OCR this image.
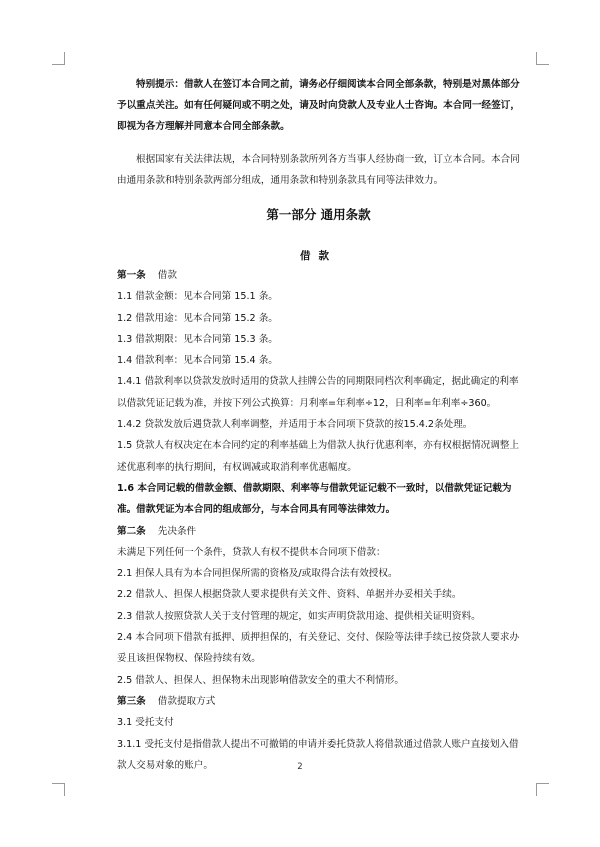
特别提示：借款人在签订本合同之前，请务必仔细阅读本合同全部条款，特别是对黑体部分予以重点关注。如有任何疑问或不明之处，请及时向贷款人及专业人士咨询。本合同一经签订，即视为各方理解并同意本合同全部条款。

根据国家有关法律法规，本合同特别条款所列各方当事人经协商一致，订立本合同。本合同由通用条款和特别条款两部分组成，通用条款和特别条款具有同等法律效力。

第一部分 通用条款
借款

第一条 借款

1.1 借款金额：见本合同第 15.1 条。

1.2 借款用途：见本合同第 15.2 条。

1.3 借款期限：见本合同第 15.3 条。

1.4 借款利率：见本合同第 15.4 条。

1.4.1 借款利率以贷款发放时适用的贷款人挂牌公告的同期限同档次利率确定，据此确定的利率以借款凭证记载为准，并按下列公式换算：月利率=年利率÷12，日利率=年利率÷360。

1.4.2 贷款发放后遇贷款人利率调整，并适用于本合同项下贷款的按15.4.2条处理。

1.5 贷款人有权决定在本合同约定的利率基础上为借款人执行优惠利率，亦有权根据情况调整上述优惠利率的执行期间，有权调减或取消利率优惠幅度。

1.6 本合同记载的借款金额、借款期限、利率等与借款凭证记载不一致时，以借款凭证记载为准。借款凭证为本合同的组成部分，与本合同具有同等法律效力。

第二条 先决条件

未满足下列任何一个条件，贷款人有权不提供本合同项下借款：

2.1 担保人具有为本合同担保所需的资格及/或取得合法有效授权。

2.2 借款人、担保人根据贷款人要求提供有关文件、资料、单据并办妥相关手续。

2.3 借款人按照贷款人关于支付管理的规定，如实声明贷款用途、提供相关证明资料。

2.4 本合同项下借款有抵押、质押担保的，有关登记、交付、保险等法律手续已按贷款人要求办妥且该担保物权、保险持续有效。

2.5 借款人、担保人、担保物未出现影响借款安全的重大不利情形。

第三条 借款提取方式

3.1 受托支付

3.1.1 受托支付是指借款人提出不可撤销的申请并委托贷款人将借款通过借款人账户直接划入借款人交易对象的账户。	2
